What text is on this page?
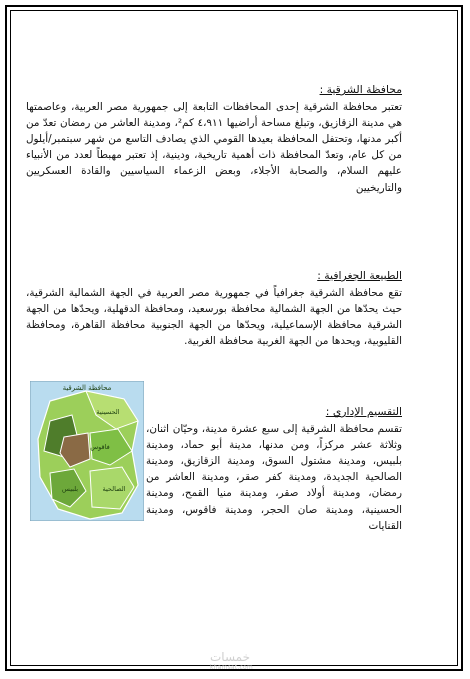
محافظة الشرقية :

تعتبر محافظة الشرقية إحدى المحافظات التابعة إلى جمهورية مصر العربية، وعاصمتها هي مدينة الزقازيق، وتبلغ مساحة أراضيها ٤،٩١١ كم²، ومدينة العاشر من رمضان تعدّ من أكبر مدنها، وتحتفل المحافظة بعيدها القومي الذي يصادف التاسع من شهر سبتمبر/أيلول من كل عام، وتعدّ المحافظة ذات أهمية تاريخية، ودينية، إذ تعتبر مهبطاً لعدد من الأنبياء عليهم السلام، والصحابة الأجلاء، وبعض الزعماء السياسيين والقادة العسكريين والتاريخيين

الطبيعة الجغرافية :

تقع محافظة الشرقية جغرافياً في جمهورية مصر العربية في الجهة الشمالية الشرقية، حيث يحدّها من الجهة الشمالية محافظة بورسعيد، ومحافظة الدقهلية، ويحدّها من الجهة الشرقية محافظة الإسماعيلية، ويحدّها من الجهة الجنوبية محافظة القاهرة، ومحافظة القليوبية، ويحدها من الجهة الغربية محافظة الغربية.

التقسيم الإداري :

تقسم محافظة الشرقية إلى سبع عشرة مدينة، وحيّان اثنان، وثلاثة عشر مركزاً، ومن مدنها، مدينة أبو حماد، ومدينة بلبيس، ومدينة مشتول السوق، ومدينة الزقازيق، ومدينة الصالحية الجديدة، ومدينة كفر صقر، ومدينة العاشر من رمضان، ومدينة أولاد صقر، ومدينة منيا القمح، ومدينة الحسينية، ومدينة صان الحجر، ومدينة فاقوس، ومدينة القنايات

محافظة الشرقية
الحسينية
فاقوس
بلبيس	الصالحية
خمسات
khamsat.com
